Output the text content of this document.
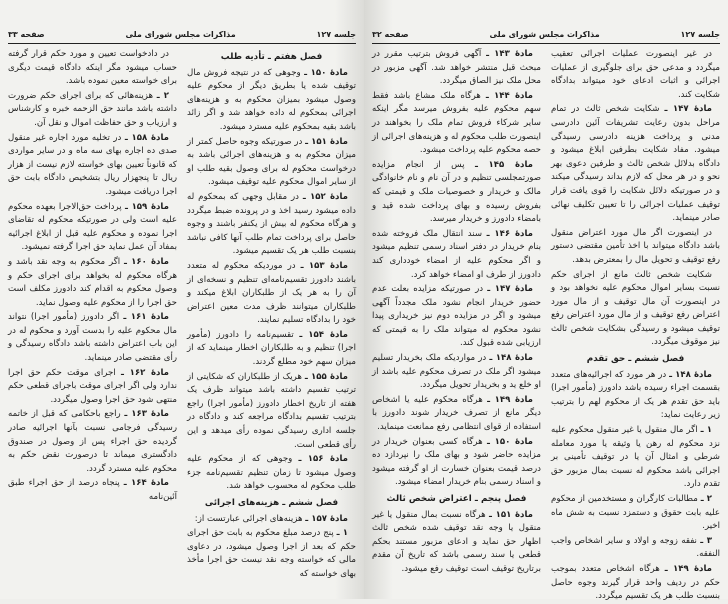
جلسه ۱۲۷
مذاکرات مجلس شورای ملی
صفحه ۳۳
فصل هفتم ـ تأدیه طلب

مادهٔ ۱۵۰ ـ وجوهی که در نتیجه فروش مال توقیف شده یا بطریق دیگر از محکوم علیه وصول میشود بمیزان محکوم به و هزینه‌های اجرائی بمحکوم له داده خواهد شد و اگر زائد باشد بقیه بمحکوم علیه مسترد میشود.

مادهٔ ۱۵۱ ـ در صورتیکه وجوه حاصل کمتر از میزان محکوم به و هزینه‌های اجرائی باشد به درخواست محکوم له برای وصول بقیه طلب او از سایر اموال محکوم علیه توقیف میشود.

مادهٔ ۱۵۲ ـ در مقابل وجهی که بمحکوم له داده میشود رسید اخذ و در پرونده ضبط میگردد و هرگاه محکوم له بیش از یکنفر باشند و وجوه حاصل برای پرداخت تمام طلب آنها کافی نباشد بنسبت طلب هر یک تقسیم میشود.

مادهٔ ۱۵۳ ـ در موردیکه محکوم له متعدد باشند دادورز تقسیم‌نامه‌ای تنظیم و نسخه‌ای از آن را به هر یک از طلبکاران ابلاغ میکند و طلبکاران میتوانند ظرف مدت معین اعتراض خود را بدادگاه تسلیم نمایند.

مادهٔ ۱۵۴ ـ تقسیم‌نامه را دادورز (مأمور اجرا) تنظیم و به طلبکاران اخطار مینماید که از میزان سهم خود مطلع گردند.

مادهٔ ۱۵۵ ـ هریک از طلبکاران که شکایتی از ترتیب تقسیم داشته باشد میتواند ظرف یک هفته از تاریخ اخطار دادورز (مأمور اجرا) راجع بترتیب تقسیم بدادگاه مراجعه کند و دادگاه در جلسه اداری رسیدگی نموده رأی میدهد و این رأی قطعی است.

مادهٔ ۱۵۶ ـ وجوهی که از محکوم علیه وصول میشود تا زمان تنظیم تقسیم‌نامه جزء طلب محکوم له محسوب خواهد شد.

فصل ششم ـ هزینه‌های اجرائی

مادهٔ ۱۵۷ ـ هزینه‌های اجرائی عبارتست از:

۱ ـ پنج درصد مبلغ محکوم به بابت حق اجرای حکم که بعد از اجرا وصول میشود، در دعاوی مالی که خواسته وجه نقد نیست حق اجرا مأخذ بهای خواسته که

در دادخواست تعیین و مورد حکم قرار گرفته حساب میشود مگر اینکه دادگاه قیمت دیگری برای خواسته معین نموده باشد.

۲ ـ هزینه‌هائی که برای اجرای حکم ضرورت داشته باشد مانند حق الزحمه خبره و کارشناس و ارزیاب و حق حفاظت اموال و نقل آن.

مادهٔ ۱۵۸ ـ در تخلیه مورد اجاره غیر منقول صدی ده اجاره بهای سه ماه و در سایر مواردی که قانوناً تعیین بهای خواسته لازم نیست از هزار ریال تا پنجهزار ریال بتشخیص دادگاه بابت حق اجرا دریافت میشود.

مادهٔ ۱۵۹ ـ پرداخت حق‌الاجرا بعهده محکوم علیه است ولی در صورتیکه محکوم له تقاضای اجرا نموده و محکوم علیه قبل از ابلاغ اجرائیه بمفاد آن عمل نماید حق اجرا گرفته نمیشود.

مادهٔ ۱۶۰ ـ اگر محکوم به وجه نقد باشد و هرگاه محکوم له بخواهد برای اجرای حکم و وصول محکوم به اقدام کند دادورز مکلف است حق اجرا را از محکوم علیه وصول نماید.

مادهٔ ۱۶۱ ـ اگر دادورز (مأمور اجرا) نتواند مال محکوم علیه را بدست آورد و محکوم له در این باب اعتراض داشته باشد دادگاه رسیدگی و رأی مقتضی صادر مینماید.

مادهٔ ۱۶۲ ـ اجرای موقت حکم حق اجرا ندارد ولی اگر اجرای موقت باجرای قطعی حکم منتهی شود حق اجرا وصول میگردد.

مادهٔ ۱۶۳ ـ راجع باحکامی که قبل از خاتمه رسیدگی فرجامی نسبت بآنها اجرائیه صادر گردیده حق اجراء پس از وصول در صندوق دادگستری میماند تا درصورت نقض حکم به محکوم علیه مسترد گردد.

مادهٔ ۱۶۴ ـ پنجاه درصد از حق اجراء طبق آئین‌نامه

جلسه ۱۲۷
مذاکرات مجلس شورای ملی
صفحه ۳۲

در غیر اینصورت عملیات اجرائی تعقیب میگردد و مدعی حق برای جلوگیری از عملیات اجرائی و اثبات ادعای خود میتواند بدادگاه شکایت کند.

مادهٔ ۱۴۷ ـ شکایت شخص ثالث در تمام مراحل بدون رعایت تشریفات آئین دادرسی مدنی و پرداخت هزینه دادرسی رسیدگی میشود. مفاد شکایت بطرفین ابلاغ میشود و دادگاه بدلائل شخص ثالث و طرفین دعوی بهر نحو و در هر محل که لازم بداند رسیدگی میکند و در صورتیکه دلائل شکایت را قوی یافت قرار توقیف عملیات اجرائی را تا تعیین تکلیف نهائی صادر مینماید.

در اینصورت اگر مال مورد اعتراض منقول باشد دادگاه میتواند با اخذ تأمین مقتضی دستور رفع توقیف و تحویل مال را بمعترض بدهد.

شکایت شخص ثالث مانع از اجرای حکم نسبت بسایر اموال محکوم علیه نخواهد بود و در اینصورت آن مال توقیف و از مال مورد اعتراض رفع توقیف و از مال مورد اعتراض رفع توقیف میشود و رسیدگی بشکایت شخص ثالث نیز موقوف میگردد.

فصل ششم ـ حق تقدم

مادهٔ ۱۴۸ ـ در هر مورد که اجرائیه‌های متعدد بقسمت اجراء رسیده باشد دادورز (مأمور اجرا) باید حق تقدم هر یک از محکوم لهم را بترتیب زیر رعایت نماید:

۱ ـ اگر مال منقول یا غیر منقول محکوم علیه نزد محکوم له رهن یا وثیقه یا مورد معامله شرطی و امثال آن یا در توقیف تأمینی بر اجرائی باشد محکوم له نسبت بمال مزبور حق تقدم دارد.

۲ ـ مطالبات کارگران و مستخدمین از محکوم علیه بابت حقوق و دستمزد نسبت به شش ماه اخیر.

۳ ـ نفقه زوجه و اولاد و سایر اشخاص واجب النفقه.

مادهٔ ۱۴۹ ـ هرگاه اشخاص متعدد بموجب حکم در ردیف واحد قرار گیرند وجوه حاصل بنسبت طلب هر یک تقسیم میگردد.

مادهٔ ۱۴۳ ـ آگهی فروش بترتیب مقرر در مبحث قبل منتشر خواهد شد. آگهی مزبور در محل ملک نیز الصاق میگردد.

مادهٔ ۱۴۴ ـ هرگاه ملک مشاع باشد فقط سهم محکوم علیه بفروش میرسد مگر اینکه سایر شرکاء فروش تمام ملک را بخواهند در اینصورت طلب محکوم له و هزینه‌های اجرائی از حصه محکوم علیه پرداخت میشود.

مادهٔ ۱۴۵ ـ پس از انجام مزایده صورتمجلسی تنظیم و در آن نام و نام خانوادگی مالک و خریدار و خصوصیات ملک و قیمتی که بفروش رسیده و بهای پرداخت شده قید و بامضاء دادورز و خریدار میرسد.

مادهٔ ۱۴۶ ـ سند انتقال ملک فروخته شده بنام خریدار در دفتر اسناد رسمی تنظیم میشود و اگر محکوم علیه از امضاء خودداری کند دادورز از طرف او امضاء خواهد کرد.

مادهٔ ۱۴۷ ـ در صورتیکه مزایده بعلت عدم حضور خریدار انجام نشود ملک مجدداً آگهی میشود و اگر در مزایده دوم نیز خریداری پیدا نشود محکوم له میتواند ملک را به قیمتی که ارزیابی شده قبول کند.

مادهٔ ۱۴۸ ـ در مواردیکه ملک بخریدار تسلیم میشود اگر ملک در تصرف محکوم علیه باشد از او خلع ید و بخریدار تحویل میگردد.

مادهٔ ۱۴۹ ـ هرگاه محکوم علیه یا اشخاص دیگر مانع از تصرف خریدار شوند دادورز با استفاده از قوای انتظامی رفع ممانعت مینماید.

مادهٔ ۱۵۰ ـ هرگاه کسی بعنوان خریدار در مزایده حاضر شود و بهای ملک را نپردازد ده درصد قیمت بعنوان خسارت از او گرفته میشود و اسناد رسمی بنام خریدار امضاء میشود.

فصل پنجم ـ اعتراض شخص ثالث

مادهٔ ۱۵۱ ـ هرگاه نسبت بمال منقول یا غیر منقول یا وجه نقد توقیف شده شخص ثالث اظهار حق نماید و ادعای مزبور مستند بحکم قطعی یا سند رسمی باشد که تاریخ آن مقدم برتاریخ توقیف است توقیف رفع میشود.
